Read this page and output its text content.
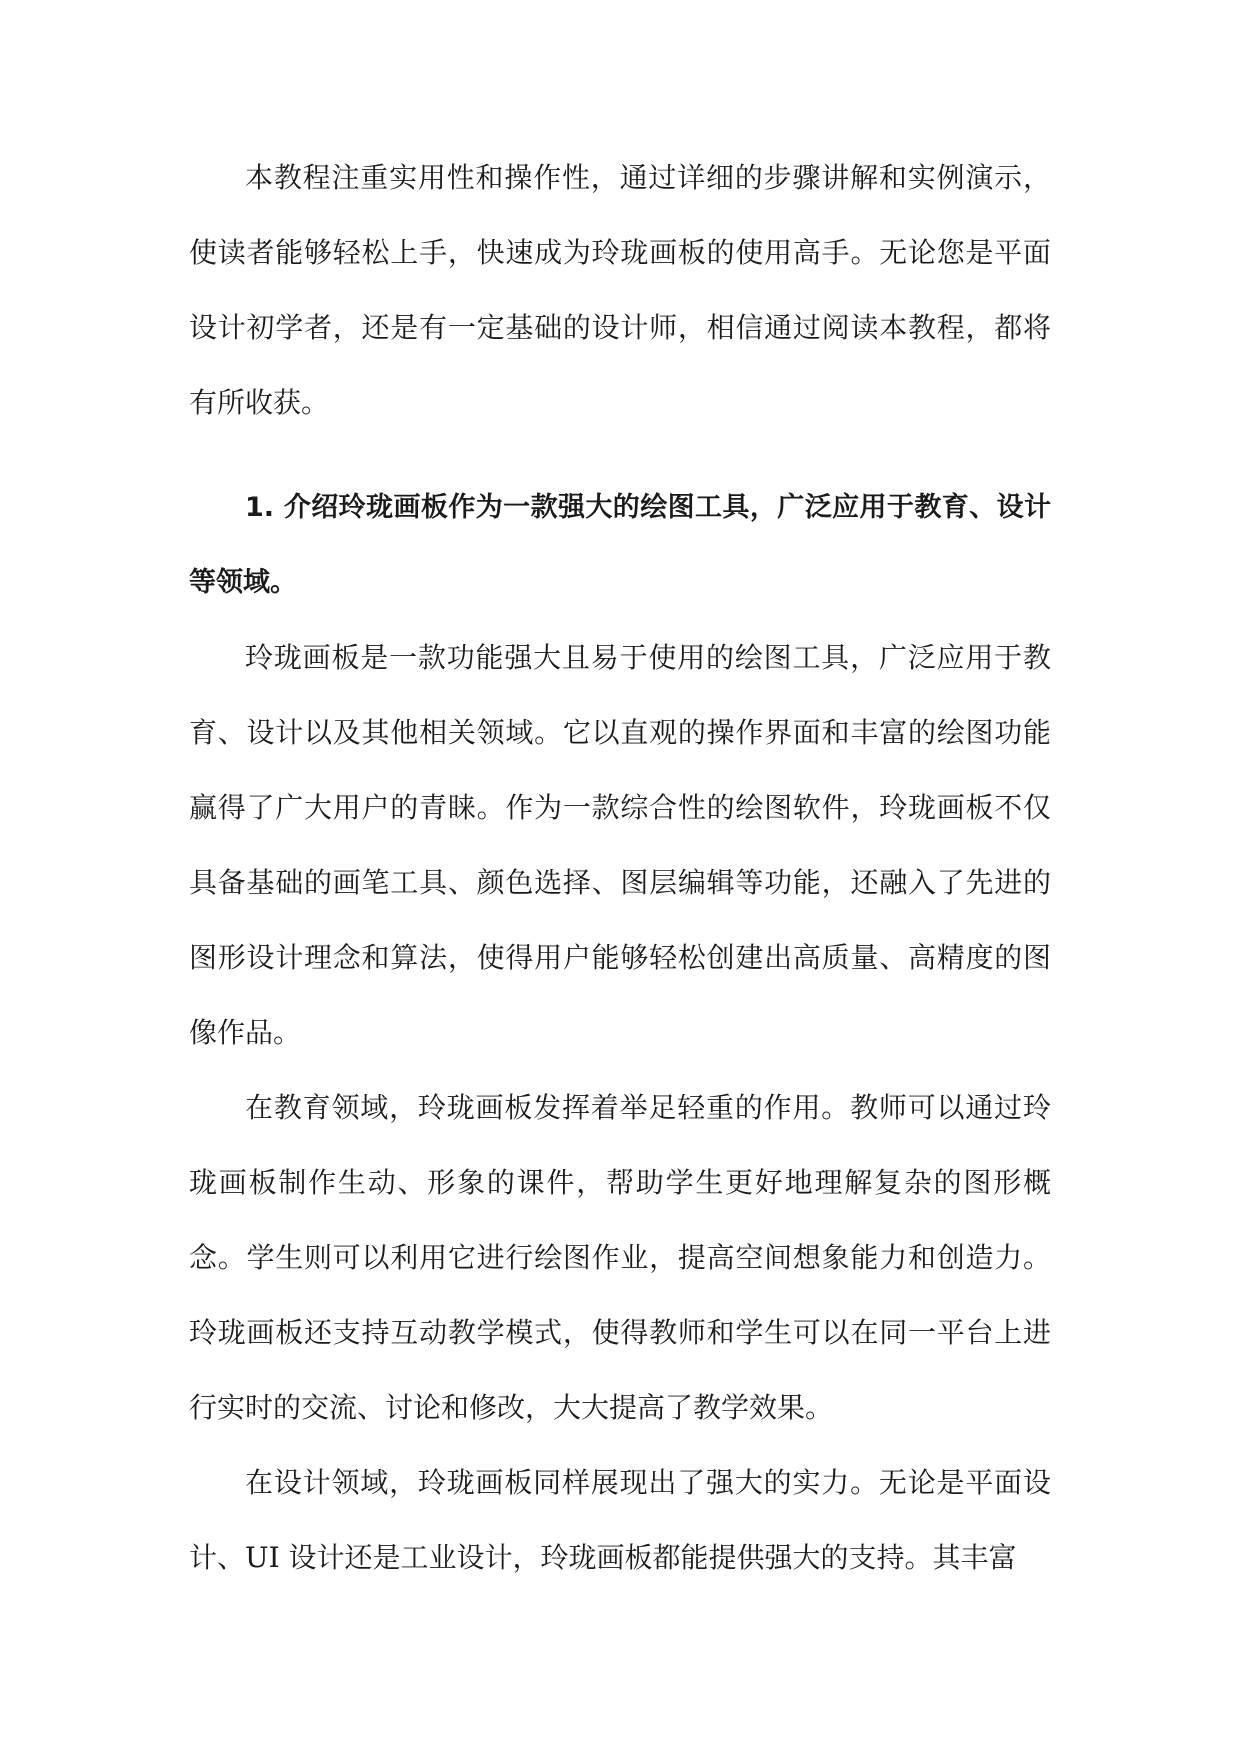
本教程注重实用性和操作性，通过详细的步骤讲解和实例演示，使读者能够轻松上手，快速成为玲珑画板的使用高手。无论您是平面设计初学者，还是有一定基础的设计师，相信通过阅读本教程，都将有所收获。

1. 介绍玲珑画板作为一款强大的绘图工具，广泛应用于教育、设计等领域。

玲珑画板是一款功能强大且易于使用的绘图工具，广泛应用于教育、设计以及其他相关领域。它以直观的操作界面和丰富的绘图功能赢得了广大用户的青睐。作为一款综合性的绘图软件，玲珑画板不仅具备基础的画笔工具、颜色选择、图层编辑等功能，还融入了先进的图形设计理念和算法，使得用户能够轻松创建出高质量、高精度的图像作品。

在教育领域，玲珑画板发挥着举足轻重的作用。教师可以通过玲珑画板制作生动、形象的课件，帮助学生更好地理解复杂的图形概念。学生则可以利用它进行绘图作业，提高空间想象能力和创造力。玲珑画板还支持互动教学模式，使得教师和学生可以在同一平台上进行实时的交流、讨论和修改，大大提高了教学效果。

在设计领域，玲珑画板同样展现出了强大的实力。无论是平面设计、UI 设计还是工业设计，玲珑画板都能提供强大的支持。其丰富
